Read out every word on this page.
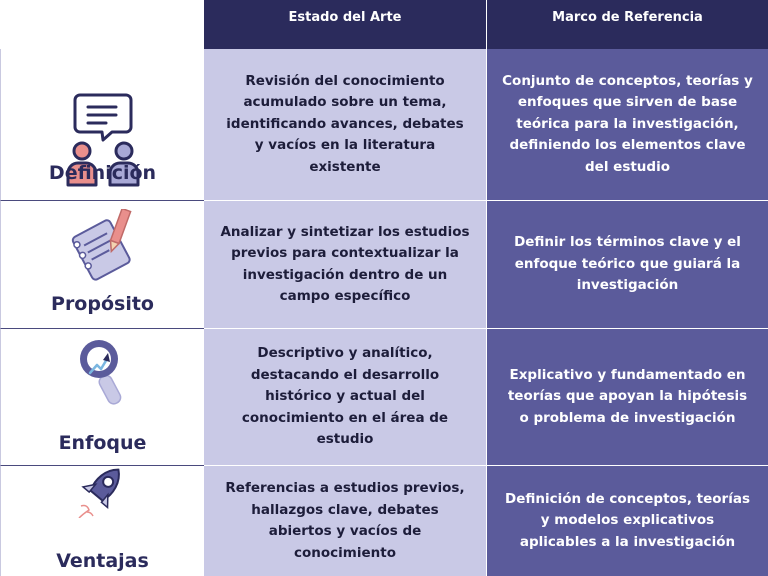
Estado del Arte	Marco de Referencia
Definición
Revisión del conocimiento acumulado sobre un tema, identificando avances, debates y vacíos en la literatura existente
Conjunto de conceptos, teorías y enfoques que sirven de base teórica para la investigación, definiendo los elementos clave del estudio
Propósito
Analizar y sintetizar los estudios previos para contextualizar la investigación dentro de un campo específico
Definir los términos clave y el enfoque teórico que guiará la investigación
Enfoque
Descriptivo y analítico, destacando el desarrollo histórico y actual del conocimiento en el área de estudio
Explicativo y fundamentado en teorías que apoyan la hipótesis o problema de investigación
Ventajas
Referencias a estudios previos, hallazgos clave, debates abiertos y vacíos de conocimiento
Definición de conceptos, teorías y modelos explicativos aplicables a la investigación
